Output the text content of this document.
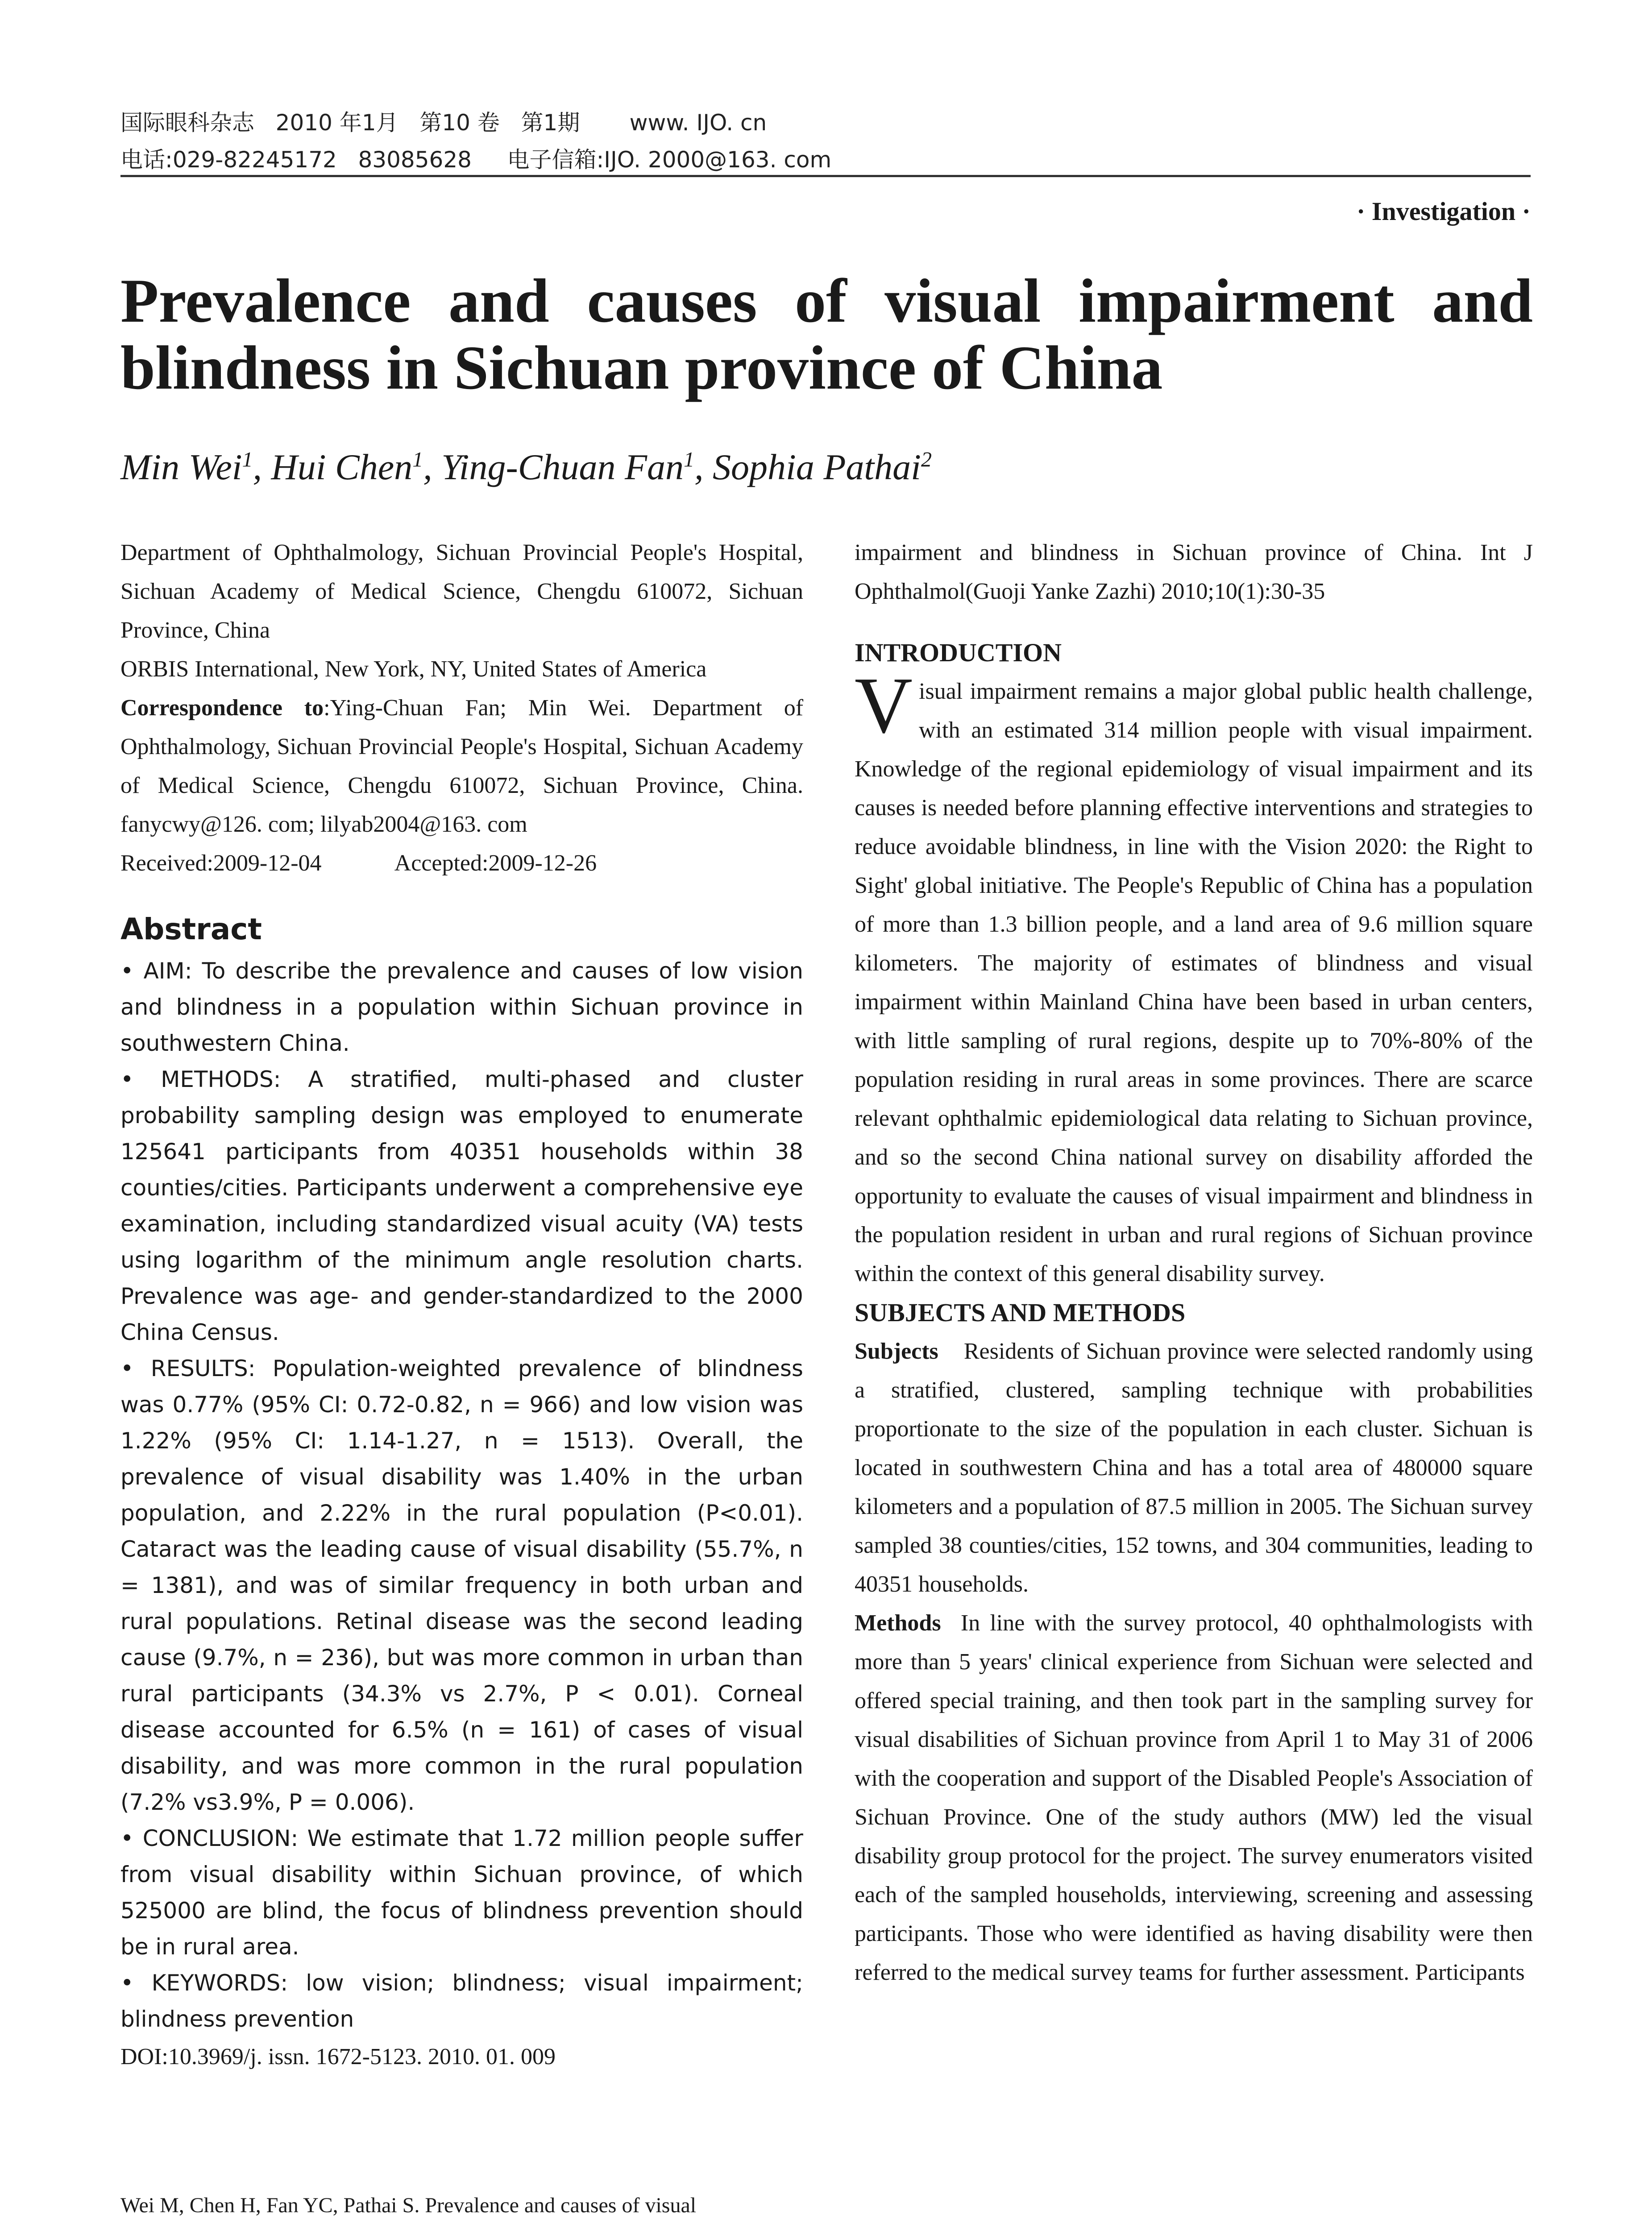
国际眼科杂志   2010 年1月   第10 卷   第1期       www. IJO. cn
电话:029-82245172   83085628     电子信箱:IJO. 2000@163. com
· Investigation ·
Prevalence and causes of visual impairment and blindness in Sichuan province of China
Min Wei$^1$, Hui Chen$^1$, Ying-Chuan Fan$^1$, Sophia Pathai$^2$

Department of Ophthalmology, Sichuan Provincial People's Hospital, Sichuan Academy of Medical Science, Chengdu 610072, Sichuan Province, China

ORBIS International, New York, NY, United States of America

Correspondence to:Ying-Chuan Fan; Min Wei. Department of Ophthalmology, Sichuan Provincial People's Hospital, Sichuan Academy of Medical Science, Chengdu 610072, Sichuan Province, China. fanycwy@126. com; lilyab2004@163. com

Received:2009-12-04	Accepted:2009-12-26

Abstract

• AIM: To describe the prevalence and causes of low vision and blindness in a population within Sichuan province in southwestern China.

• METHODS: A stratified, multi-phased and cluster probability sampling design was employed to enumerate 125641 participants from 40351 households within 38 counties/cities. Participants underwent a comprehensive eye examination, including standardized visual acuity (VA) tests using logarithm of the minimum angle resolution charts. Prevalence was age- and gender-standardized to the 2000 China Census.

• RESULTS: Population-weighted prevalence of blindness was 0.77% (95% CI: 0.72-0.82, n = 966) and low vision was 1.22% (95% CI: 1.14-1.27, n = 1513). Overall, the prevalence of visual disability was 1.40% in the urban population, and 2.22% in the rural population (P<0.01). Cataract was the leading cause of visual disability (55.7%, n = 1381), and was of similar frequency in both urban and rural populations. Retinal disease was the second leading cause (9.7%, n = 236), but was more common in urban than rural participants (34.3% vs 2.7%, P < 0.01). Corneal disease accounted for 6.5% (n = 161) of cases of visual disability, and was more common in the rural population (7.2% vs3.9%, P = 0.006).

• CONCLUSION: We estimate that 1.72 million people suffer from visual disability within Sichuan province, of which 525000 are blind, the focus of blindness prevention should be in rural area.

• KEYWORDS: low vision; blindness; visual impairment; blindness prevention

DOI:10.3969/j. issn. 1672-5123. 2010. 01. 009

Wei M, Chen H, Fan YC, Pathai S. Prevalence and causes of visual

impairment and blindness in Sichuan province of China. Int J Ophthalmol(Guoji Yanke Zazhi) 2010;10(1):30-35

INTRODUCTION

Visual impairment remains a major global public health challenge, with an estimated 314 million people with visual impairment. Knowledge of the regional epidemiology of visual impairment and its causes is needed before planning effective interventions and strategies to reduce avoidable blindness, in line with the Vision 2020: the Right to Sight' global initiative. The People's Republic of China has a population of more than 1.3 billion people, and a land area of 9.6 million square kilometers. The majority of estimates of blindness and visual impairment within Mainland China have been based in urban centers, with little sampling of rural regions, despite up to 70%-80% of the population residing in rural areas in some provinces. There are scarce relevant ophthalmic epidemiological data relating to Sichuan province, and so the second China national survey on disability afforded the opportunity to evaluate the causes of visual impairment and blindness in the population resident in urban and rural regions of Sichuan province within the context of this general disability survey.

SUBJECTS AND METHODS

Subjects Residents of Sichuan province were selected randomly using a stratified, clustered, sampling technique with probabilities proportionate to the size of the population in each cluster. Sichuan is located in southwestern China and has a total area of 480000 square kilometers and a population of 87.5 million in 2005. The Sichuan survey sampled 38 counties/cities, 152 towns, and 304 communities, leading to 40351 households.

Methods In line with the survey protocol, 40 ophthalmologists with more than 5 years' clinical experience from Sichuan were selected and offered special training, and then took part in the sampling survey for visual disabilities of Sichuan province from April 1 to May 31 of 2006 with the cooperation and support of the Disabled People's Association of Sichuan Province. One of the study authors (MW) led the visual disability group protocol for the project. The survey enumerators visited each of the sampled households, interviewing, screening and assessing participants. Those who were identified as having disability were then referred to the medical survey teams for further assessment. Participants
